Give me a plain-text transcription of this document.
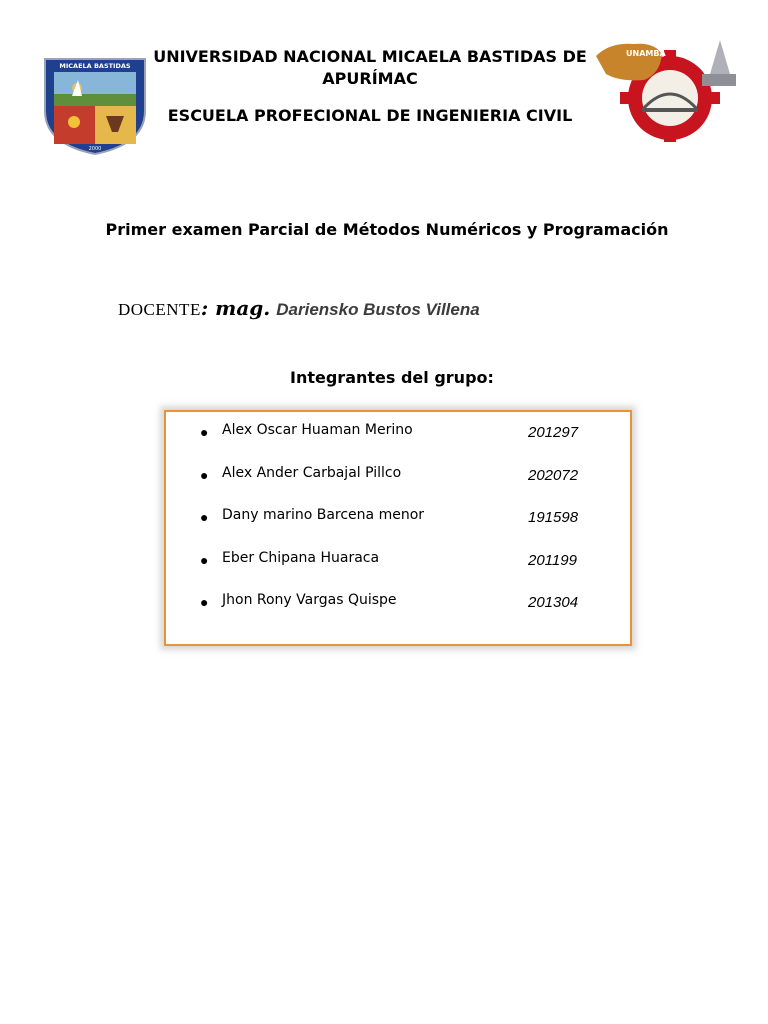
MICAELA BASTIDAS
2000
UNAMBA
UNIVERSIDAD NACIONAL MICAELA BASTIDAS DE APURÍMAC
ESCUELA PROFECIONAL DE INGENIERIA CIVIL
Primer examen Parcial de Métodos Numéricos y Programación
DOCENTE: mag. Dariensko Bustos Villena
Integrantes del grupo:
● Alex Oscar Huaman Merino	201297
● Alex Ander Carbajal Pillco	202072
● Dany marino Barcena menor	191598
● Eber Chipana Huaraca	201199
● Jhon Rony Vargas Quispe	201304
